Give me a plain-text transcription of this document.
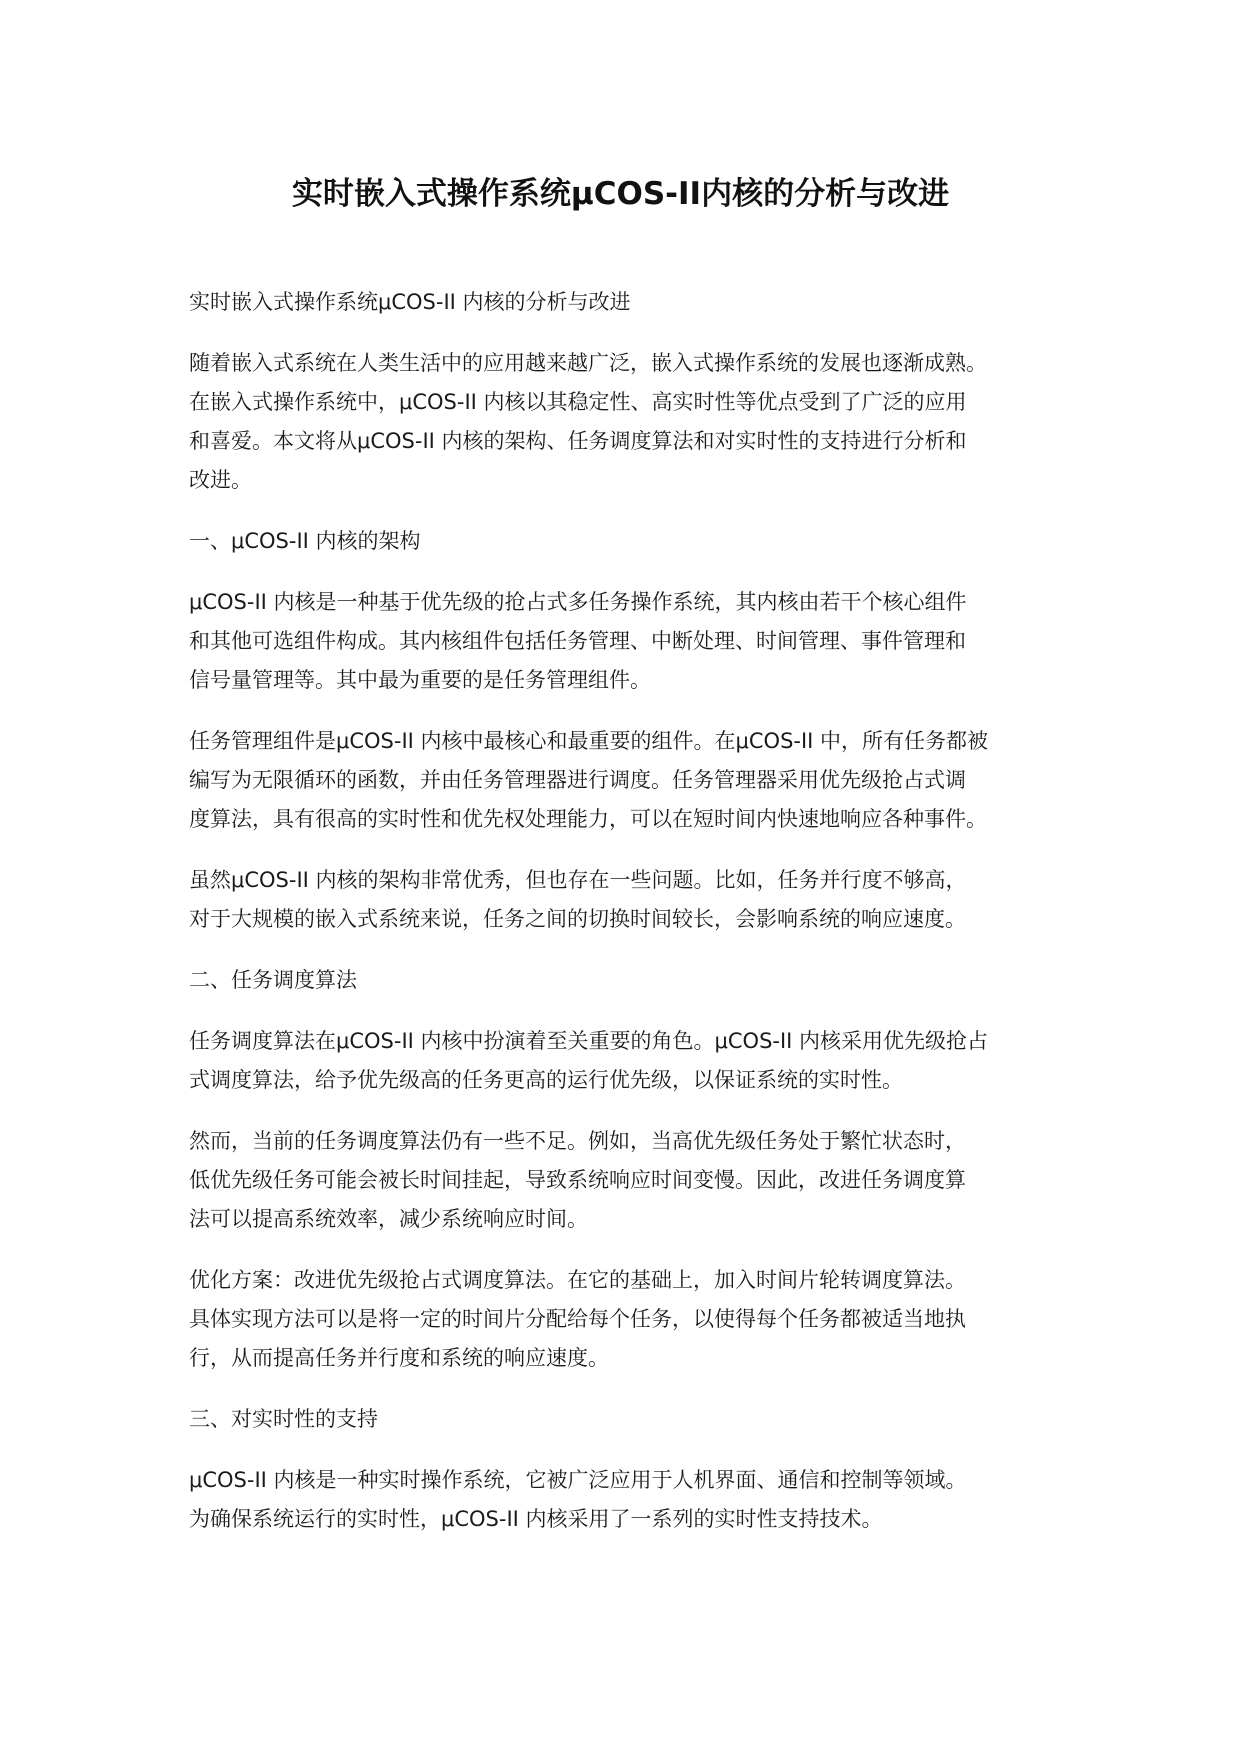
实时嵌入式操作系统μCOS-II内核的分析与改进

实时嵌入式操作系统μCOS-II 内核的分析与改进

随着嵌入式系统在人类生活中的应用越来越广泛，嵌入式操作系统的发展也逐渐成熟。
在嵌入式操作系统中，μCOS-II 内核以其稳定性、高实时性等优点受到了广泛的应用
和喜爱。本文将从μCOS-II 内核的架构、任务调度算法和对实时性的支持进行分析和
改进。

一、μCOS-II 内核的架构

μCOS-II 内核是一种基于优先级的抢占式多任务操作系统，其内核由若干个核心组件
和其他可选组件构成。其内核组件包括任务管理、中断处理、时间管理、事件管理和
信号量管理等。其中最为重要的是任务管理组件。

任务管理组件是μCOS-II 内核中最核心和最重要的组件。在μCOS-II 中，所有任务都被
编写为无限循环的函数，并由任务管理器进行调度。任务管理器采用优先级抢占式调
度算法，具有很高的实时性和优先权处理能力，可以在短时间内快速地响应各种事件。

虽然μCOS-II 内核的架构非常优秀，但也存在一些问题。比如，任务并行度不够高，
对于大规模的嵌入式系统来说，任务之间的切换时间较长，会影响系统的响应速度。

二、任务调度算法

任务调度算法在μCOS-II 内核中扮演着至关重要的角色。μCOS-II 内核采用优先级抢占
式调度算法，给予优先级高的任务更高的运行优先级，以保证系统的实时性。

然而，当前的任务调度算法仍有一些不足。例如，当高优先级任务处于繁忙状态时，
低优先级任务可能会被长时间挂起，导致系统响应时间变慢。因此，改进任务调度算
法可以提高系统效率，减少系统响应时间。

优化方案：改进优先级抢占式调度算法。在它的基础上，加入时间片轮转调度算法。
具体实现方法可以是将一定的时间片分配给每个任务，以使得每个任务都被适当地执
行，从而提高任务并行度和系统的响应速度。

三、对实时性的支持

μCOS-II 内核是一种实时操作系统，它被广泛应用于人机界面、通信和控制等领域。
为确保系统运行的实时性，μCOS-II 内核采用了一系列的实时性支持技术。
